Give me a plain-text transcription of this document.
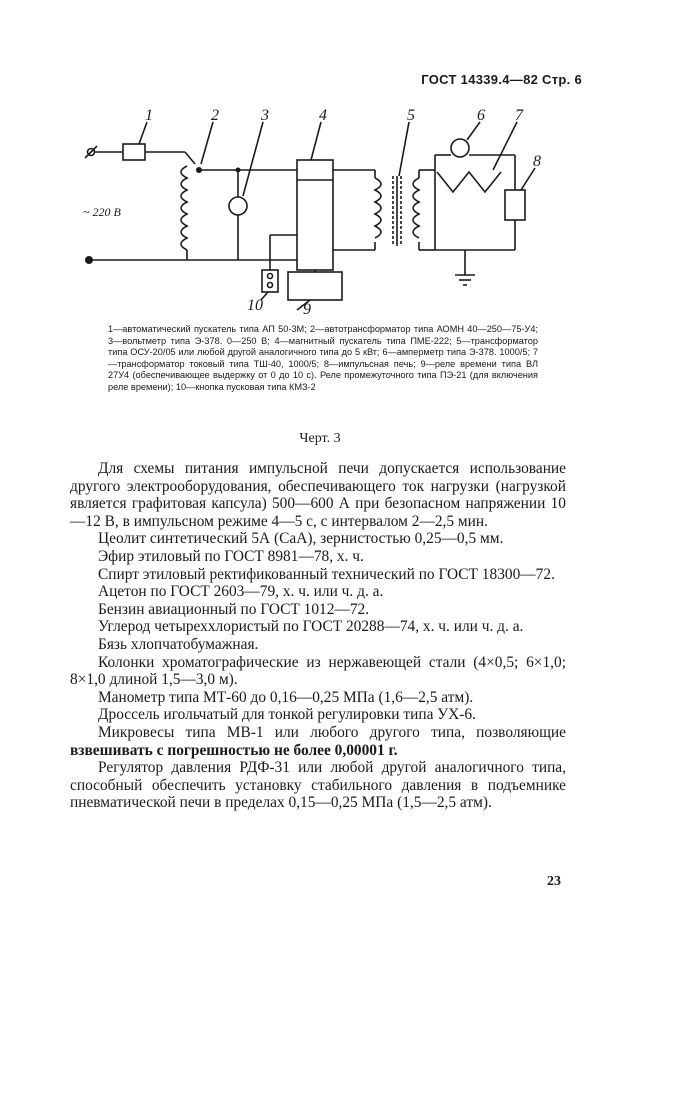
ГОСТ 14339.4—82 Стр. 6
~ 220 В
1	2	3	4	5	6 7
8
9
10
1—автоматический пускатель типа АП 50-3М; 2—автотрансформатор типа АОМН 40—250—75-У4; 3—вольтметр типа Э-378. 0—250 В; 4—магнитный пускатель типа ПМЕ-222; 5—трансформатор типа ОСУ-20/05 или любой другой аналогичного типа до 5 кВт; 6—амперметр типа Э-378. 1000/5; 7—трансформатор токовый типа ТШ-40, 1000/5; 8—импульсная печь; 9—реле времени типа ВЛ 27У4 (обеспечивающее выдержку от 0 до 10 с). Реле промежуточного типа ПЭ-21 (для включения реле времени); 10—кнопка пусковая типа КМЗ-2
Черт. 3

Для схемы питания импульсной печи допускается использование другого электрооборудования, обеспечивающего ток нагрузки (нагрузкой является графитовая капсула) 500—600 А при безопасном напряжении 10—12 В, в импульсном режиме 4—5 с, с интервалом 2—2,5 мин.

Цеолит синтетический 5А (СаА), зернистостью 0,25—0,5 мм.

Эфир этиловый по ГОСТ 8981—78, х. ч.

Спирт этиловый ректификованный технический по ГОСТ 18300—72.

Ацетон по ГОСТ 2603—79, х. ч. или ч. д. а.

Бензин авиационный по ГОСТ 1012—72.

Углерод четыреххлористый по ГОСТ 20288—74, х. ч. или ч. д. а.

Бязь хлопчатобумажная.

Колонки хроматографические из нержавеющей стали (4×0,5; 6×1,0; 8×1,0 длиной 1,5—3,0 м).

Манометр типа МТ-60 до 0,16—0,25 МПа (1,6—2,5 атм).

Дроссель игольчатый для тонкой регулировки типа УХ-6.

Микровесы типа МВ-1 или любого другого типа, позволяющие взвешивать с погрешностью не более 0,00001 г.

Регулятор давления РДФ-31 или любой другой аналогичного типа, способный обеспечить установку стабильного давления в подъемнике пневматической печи в пределах 0,15—0,25 МПа (1,5—2,5 атм).

23
